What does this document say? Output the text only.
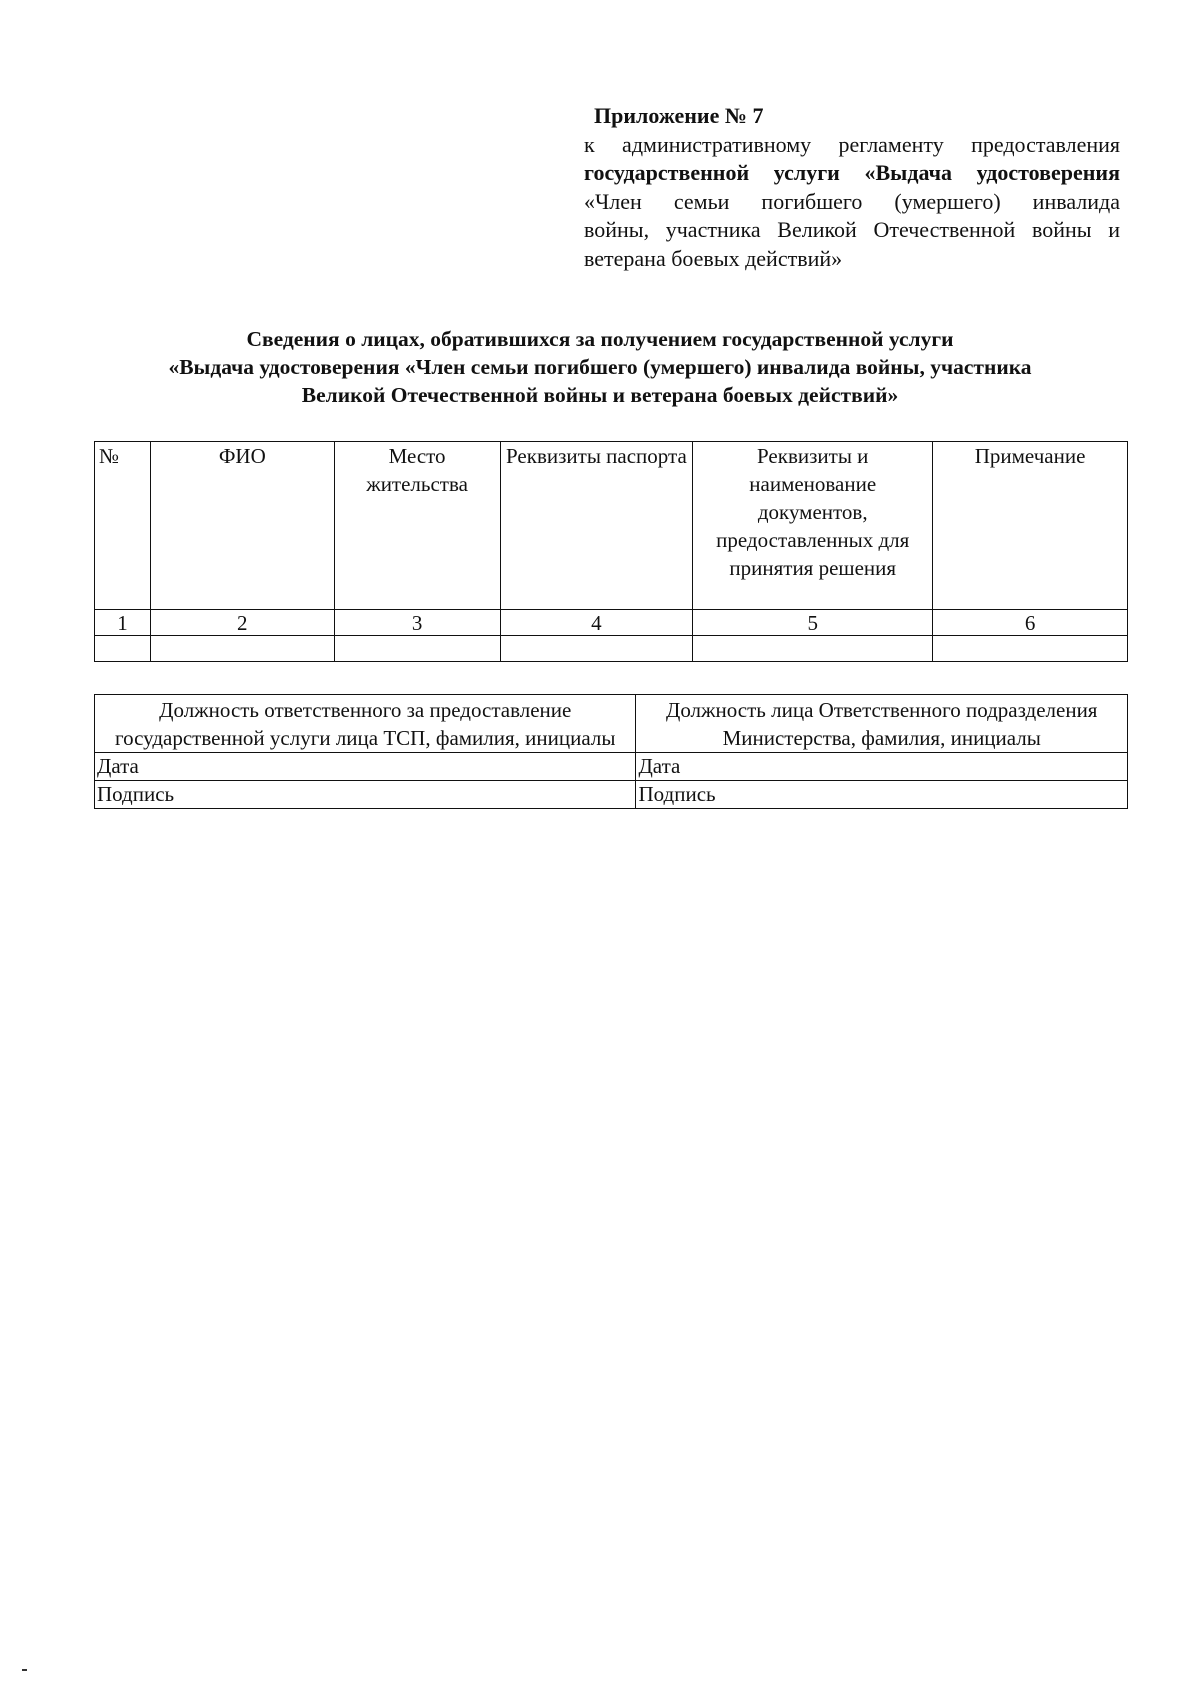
Приложение № 7
к административному регламенту предоставления
государственной услуги «Выдача удостоверения
«Член семьи погибшего (умершего) инвалида
войны, участника Великой Отечественной войны и
ветерана боевых действий»
Сведения о лицах, обратившихся за получением государственной услуги
«Выдача удостоверения «Член семьи погибшего (умершего) инвалида войны, участника
Великой Отечественной войны и ветерана боевых действий»
№	ФИО	Место жительства	Реквизиты паспорта	Реквизиты и наименование документов, предоставленных для принятия решения	Примечание
1	2	3	4	5	6

Должность ответственного за предоставление государственной услуги лица ТСП, фамилия, инициалы	Должность лица Ответственного подразделения Министерства, фамилия, инициалы
Дата	Дата
Подпись	Подпись
